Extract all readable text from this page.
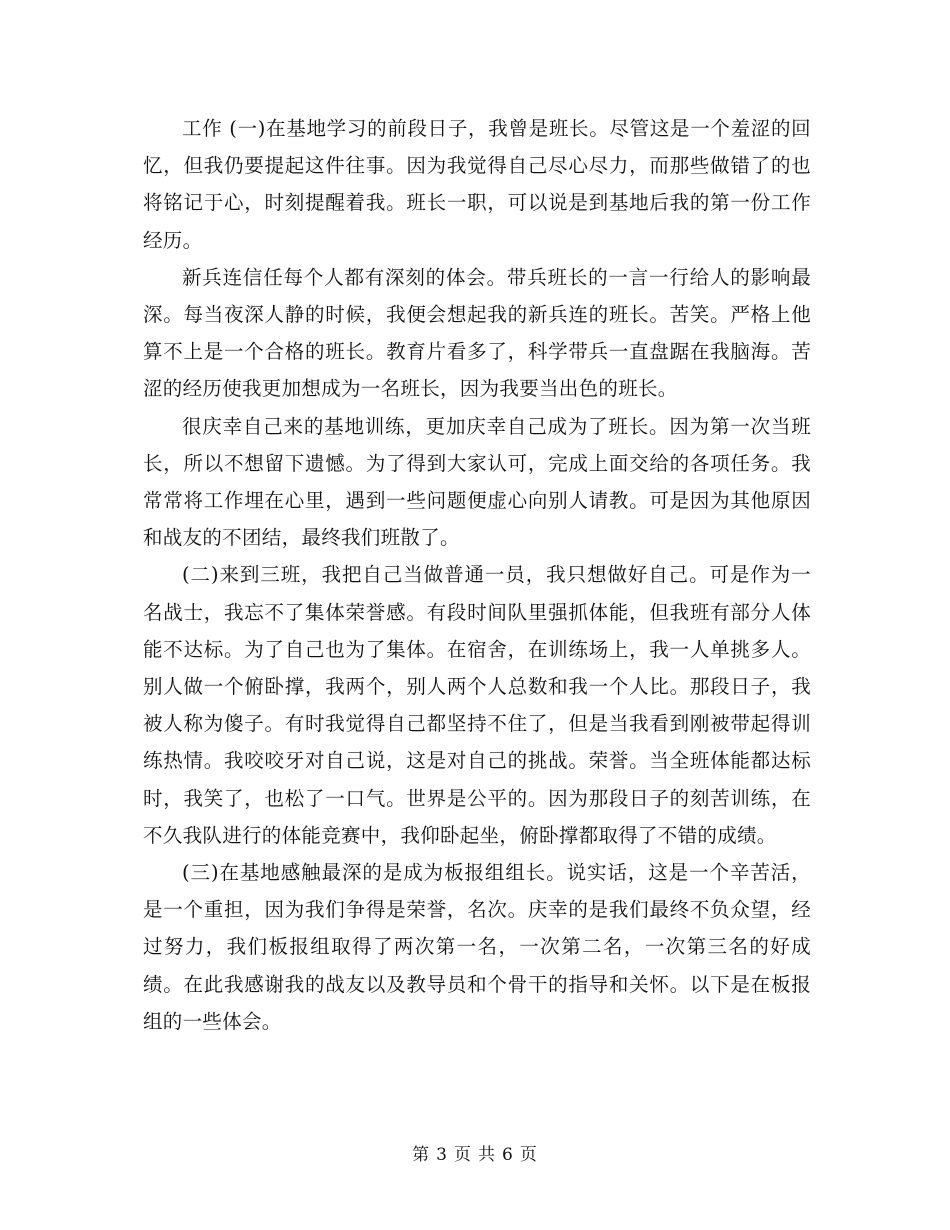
工作 (一)在基地学习的前段日子，我曾是班长。尽管这是一个羞涩的回忆，但我仍要提起这件往事。因为我觉得自己尽心尽力，而那些做错了的也将铭记于心，时刻提醒着我。班长一职，可以说是到基地后我的第一份工作经历。

新兵连信任每个人都有深刻的体会。带兵班长的一言一行给人的影响最深。每当夜深人静的时候，我便会想起我的新兵连的班长。苦笑。严格上他算不上是一个合格的班长。教育片看多了，科学带兵一直盘踞在我脑海。苦涩的经历使我更加想成为一名班长，因为我要当出色的班长。

很庆幸自己来的基地训练，更加庆幸自己成为了班长。因为第一次当班长，所以不想留下遗憾。为了得到大家认可，完成上面交给的各项任务。我常常将工作埋在心里，遇到一些问题便虚心向别人请教。可是因为其他原因和战友的不团结，最终我们班散了。

(二)来到三班，我把自己当做普通一员，我只想做好自己。可是作为一名战士，我忘不了集体荣誉感。有段时间队里强抓体能，但我班有部分人体能不达标。为了自己也为了集体。在宿舍，在训练场上，我一人单挑多人。别人做一个俯卧撑，我两个，别人两个人总数和我一个人比。那段日子，我被人称为傻子。有时我觉得自己都坚持不住了，但是当我看到刚被带起得训练热情。我咬咬牙对自己说，这是对自己的挑战。荣誉。当全班体能都达标时，我笑了，也松了一口气。世界是公平的。因为那段日子的刻苦训练，在不久我队进行的体能竞赛中，我仰卧起坐，俯卧撑都取得了不错的成绩。

(三)在基地感触最深的是成为板报组组长。说实话，这是一个辛苦活，是一个重担，因为我们争得是荣誉，名次。庆幸的是我们最终不负众望，经过努力，我们板报组取得了两次第一名，一次第二名，一次第三名的好成绩。在此我感谢我的战友以及教导员和个骨干的指导和关怀。以下是在板报组的一些体会。

第 3 页 共 6 页
